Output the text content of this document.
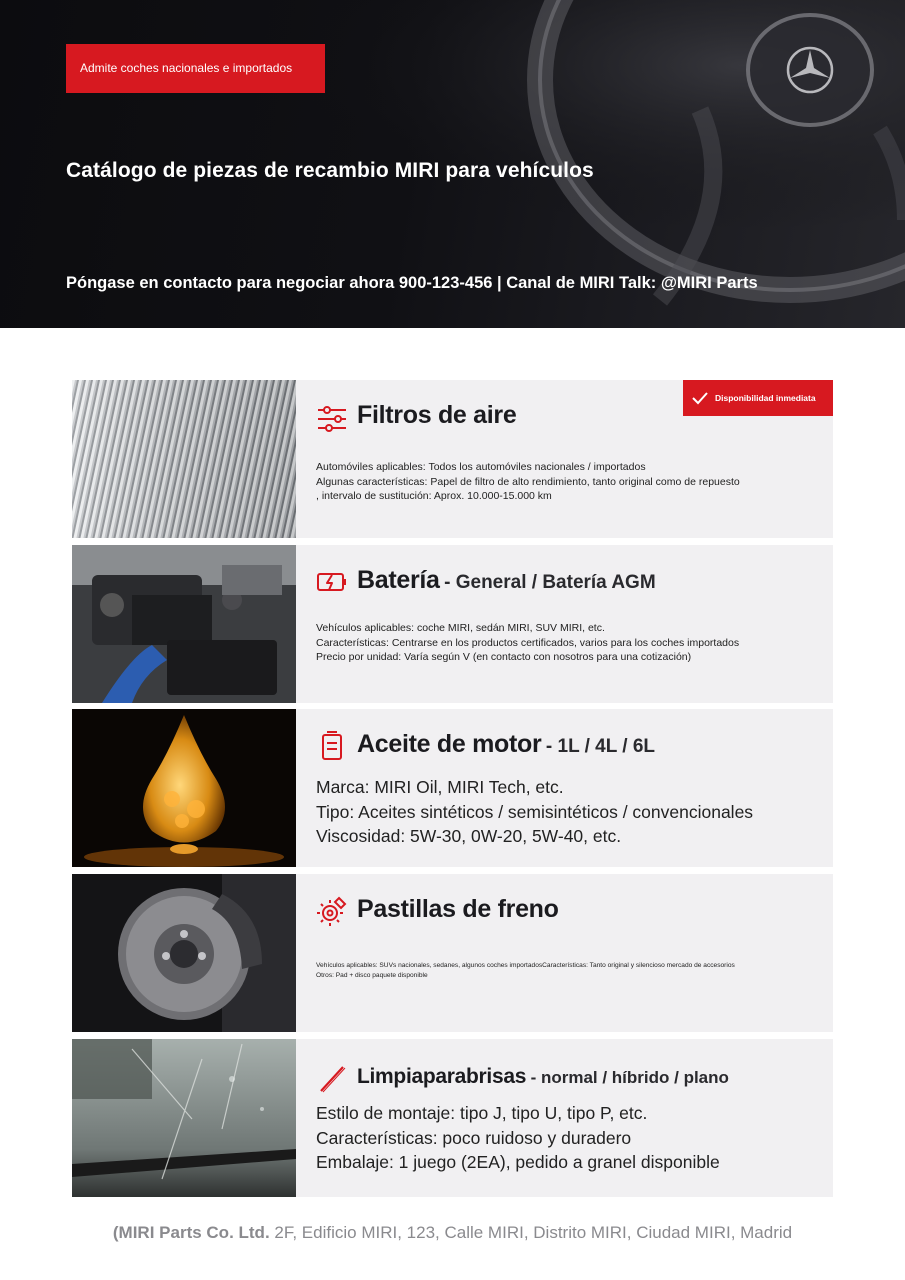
Admite coches nacionales e importados
Catálogo de piezas de recambio MIRI para vehículos
Póngase en contacto para negociar ahora 900-123-456 | Canal de MIRI Talk: @MIRI Parts
Filtros de aire
Disponibilidad inmediata
Automóviles aplicables: Todos los automóviles nacionales / importados
Algunas características: Papel de filtro de alto rendimiento, tanto original como de repuesto
, intervalo de sustitución: Aprox. 10.000-15.000 km
Batería - General / Batería AGM
Vehículos aplicables: coche MIRI, sedán MIRI, SUV MIRI, etc.
Características: Centrarse en los productos certificados, varios para los coches importados
Precio por unidad: Varía según V (en contacto con nosotros para una cotización)
Aceite de motor - 1L / 4L / 6L
Marca: MIRI Oil, MIRI Tech, etc.
Tipo: Aceites sintéticos / semisintéticos / convencionales
Viscosidad: 5W-30, 0W-20, 5W-40, etc.
Pastillas de freno
Vehículos aplicables: SUVs nacionales, sedanes, algunos coches importadosCaracterísticas: Tanto original y silencioso mercado de accesorios
Otros: Pad + disco paquete disponible
Limpiaparabrisas - normal / híbrido / plano
Estilo de montaje: tipo J, tipo U, tipo P, etc.
Características: poco ruidoso y duradero
Embalaje: 1 juego (2EA), pedido a granel disponible
(MIRI Parts Co. Ltd. 2F, Edificio MIRI, 123, Calle MIRI, Distrito MIRI, Ciudad MIRI, Madrid
